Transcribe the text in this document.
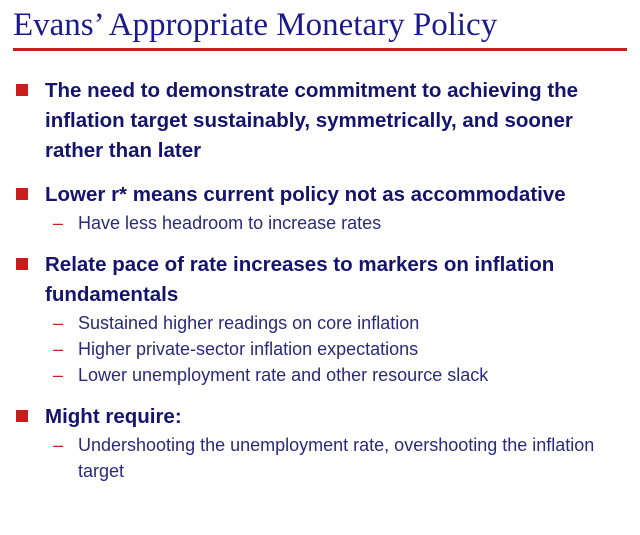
Evans’ Appropriate Monetary Policy
The need to demonstrate commitment to achieving the inflation target sustainably, symmetrically, and sooner rather than later
Lower r* means current policy not as accommodative
– Have less headroom to increase rates
Relate pace of rate increases to markers on inflation fundamentals
– Sustained higher readings on core inflation
– Higher private-sector inflation expectations
– Lower unemployment rate and other resource slack
Might require:
– Undershooting the unemployment rate, overshooting the inflation target
